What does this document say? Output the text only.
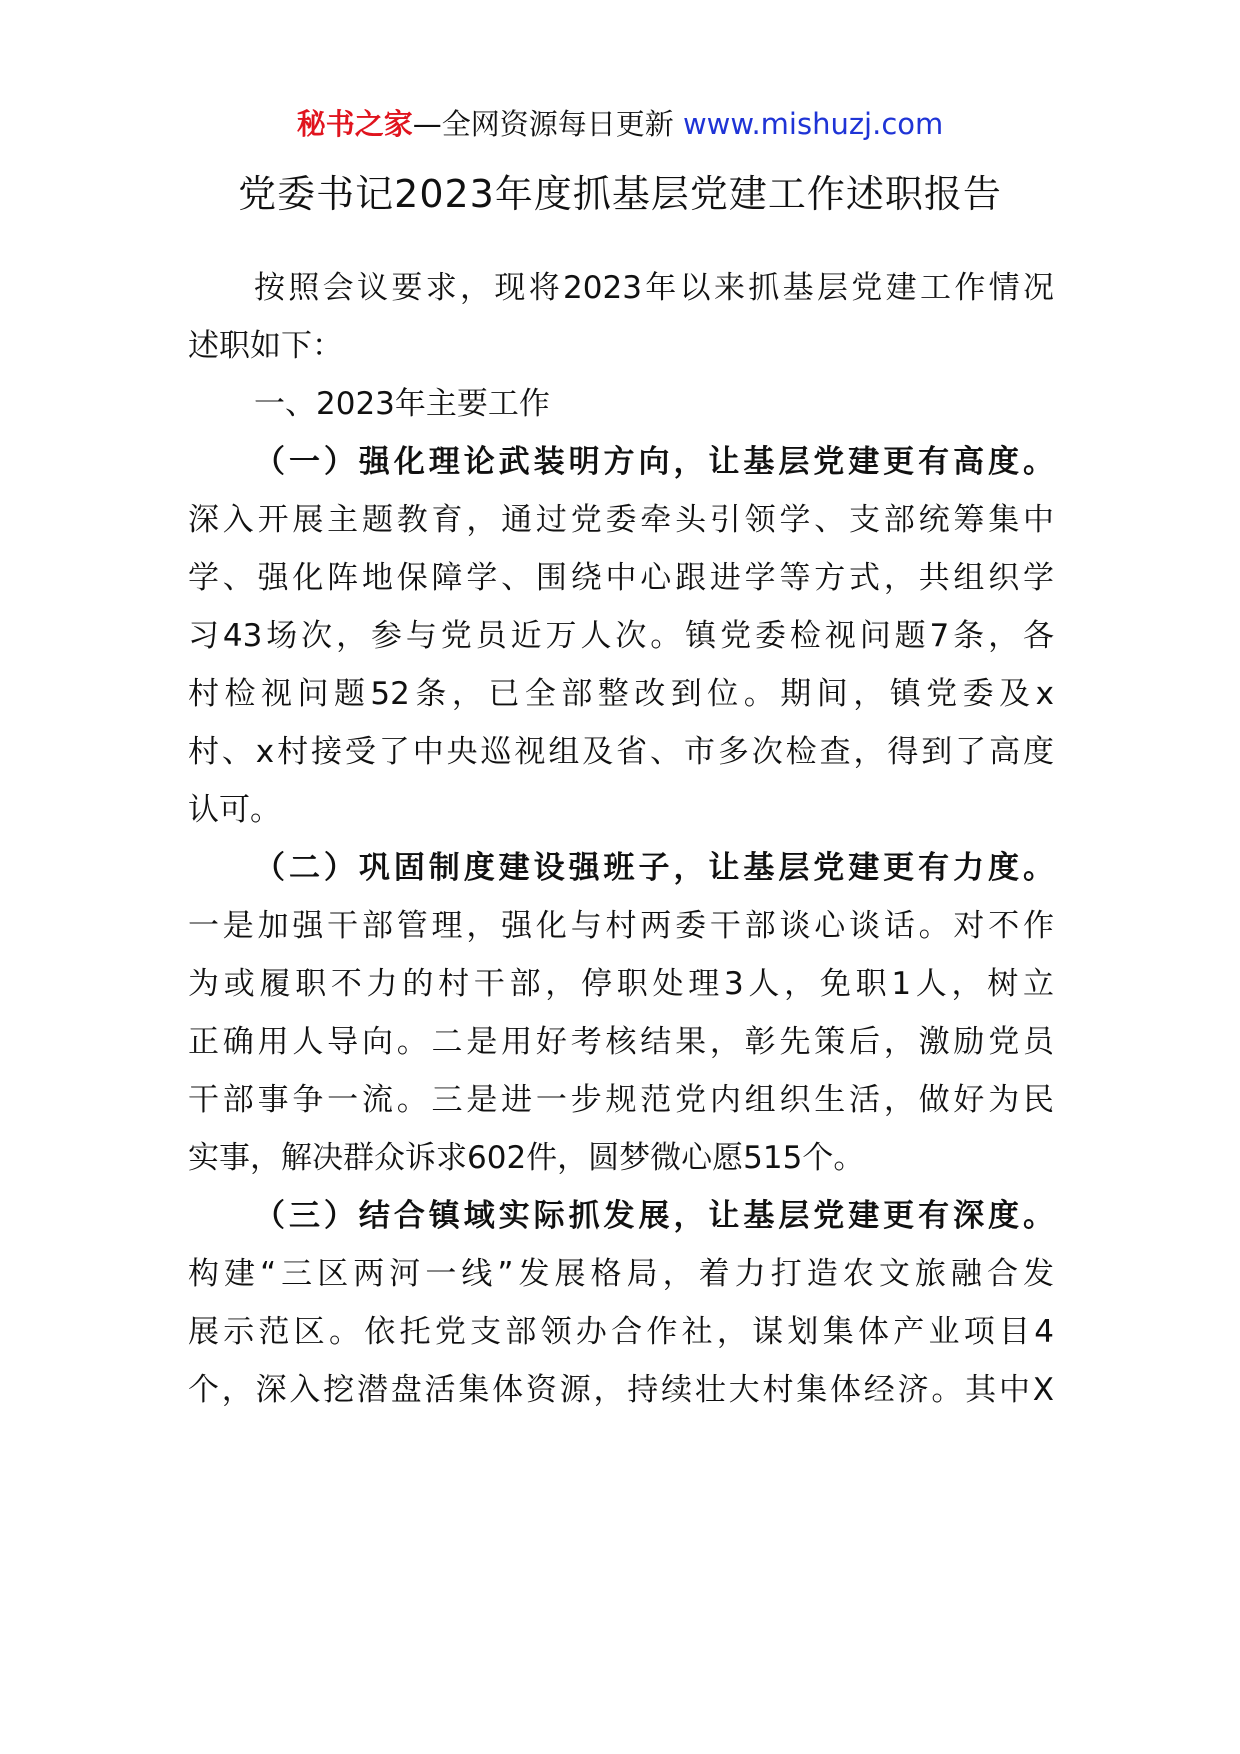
秘书之家—全网资源每日更新 www.mishuzj.com
党委书记2023年度抓基层党建工作述职报告
按照会议要求，现将2023年以来抓基层党建工作情况
述职如下：
一、2023年主要工作
（一）强化理论武装明方向，让基层党建更有高度。
深入开展主题教育，通过党委牵头引领学、支部统筹集中
学、强化阵地保障学、围绕中心跟进学等方式，共组织学
习43场次，参与党员近万人次。镇党委检视问题7条，各
村检视问题52条，已全部整改到位。期间，镇党委及x
村、x村接受了中央巡视组及省、市多次检查，得到了高度
认可。
（二）巩固制度建设强班子，让基层党建更有力度。
一是加强干部管理，强化与村两委干部谈心谈话。对不作
为或履职不力的村干部，停职处理3人，免职1人，树立
正确用人导向。二是用好考核结果，彰先策后，激励党员
干部事争一流。三是进一步规范党内组织生活，做好为民
实事，解决群众诉求602件，圆梦微心愿515个。
（三）结合镇域实际抓发展，让基层党建更有深度。
构建“三区两河一线”发展格局，着力打造农文旅融合发
展示范区。依托党支部领办合作社，谋划集体产业项目4
个，深入挖潜盘活集体资源，持续壮大村集体经济。其中X
